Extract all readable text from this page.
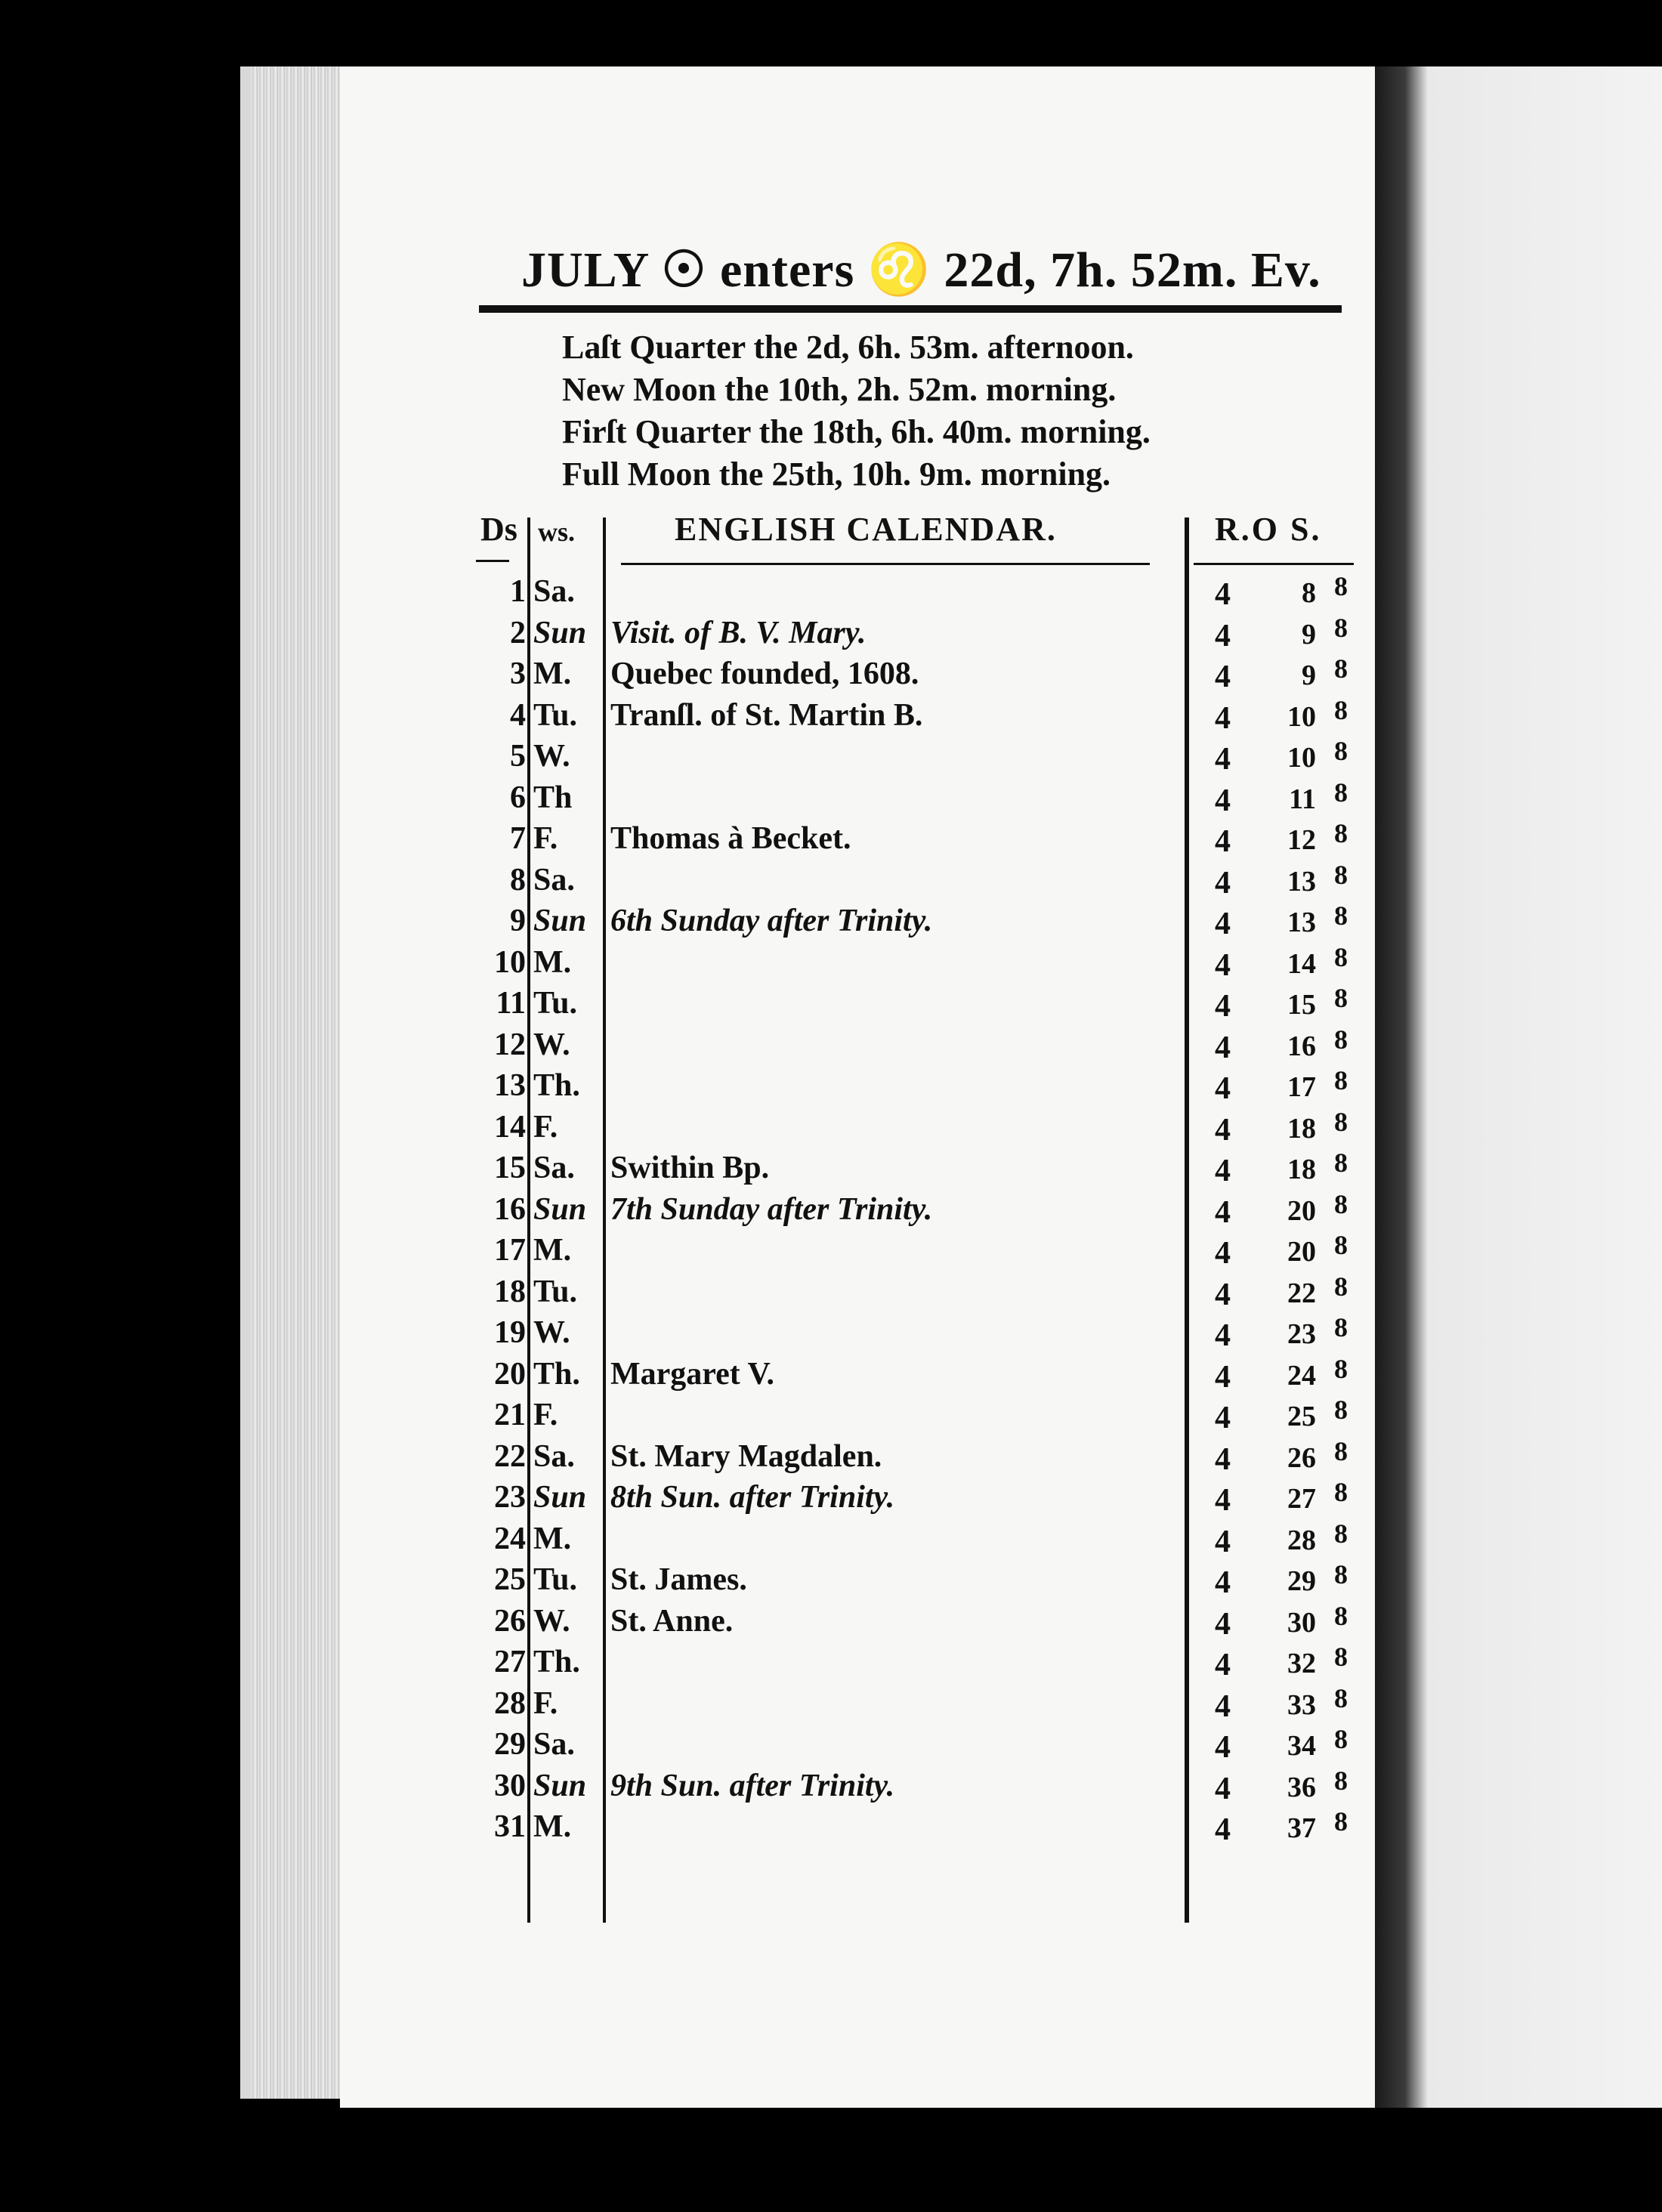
JULY ☉ enters ♌ 22d, 7h. 52m. Ev.
Laſt Quarter the 2d, 6h. 53m. afternoon.
New Moon the 10th, 2h. 52m. morning.
Firſt Quarter the 18th, 6h. 40m. morning.
Full Moon the 25th, 10h. 9m. morning.
Ds ws.	ENGLISH CALENDAR.	R.O S.
1 Sa.	4	8 8
2 Sun Visit. of B. V. Mary.	4	9 8
3 M. Quebec founded, 1608.	4	9 8
4 Tu. Tranſl. of St. Martin B.	4	10 8
5 W.	4	10 8
6 Th	4	11 8
7 F. Thomas à Becket.	4	12 8
8 Sa.	4	13 8
9 Sun 6th Sunday after Trinity.	4	13 8
10 M.	4	14 8
11 Tu.	4	15 8
12 W.	4	16 8
13 Th.	4	17 8
14 F.	4	18 8
15 Sa. Swithin Bp.	4	18 8
16 Sun 7th Sunday after Trinity.	4	20 8
17 M.	4	20 8
18 Tu.	4	22 8
19 W.	4	23 8
20 Th. Margaret V.	4	24 8
21 F.	4	25 8
22 Sa. St. Mary Magdalen.	4	26 8
23 Sun 8th Sun. after Trinity.	4	27 8
24 M.	4	28 8
25 Tu. St. James.	4	29 8
26 W. St. Anne.	4	30 8
27 Th.	4	32 8
28 F.	4	33 8
29 Sa.	4	34 8
30 Sun 9th Sun. after Trinity.	4	36 8
31 M.	4	37 8
